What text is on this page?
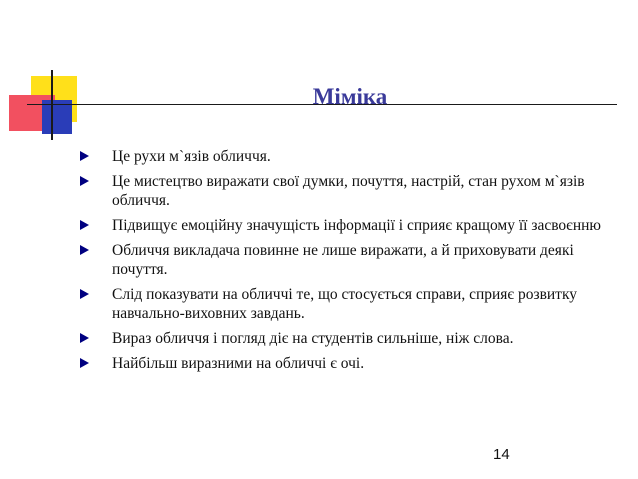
Міміка
Це рухи м`язів обличчя.
Це мистецтво виражати свої думки, почуття, настрій, стан рухом м`язів обличчя.
Підвищує емоційну значущість інформації і сприяє кращому її засвоєнню
Обличчя викладача повинне не лише виражати, а й приховувати деякі почуття.
Слід показувати на обличчі те, що стосується справи, сприяє розвитку навчально-виховних завдань.
Вираз обличчя і погляд діє на студентів сильніше, ніж слова.
Найбільш виразними на обличчі є очі.
14
